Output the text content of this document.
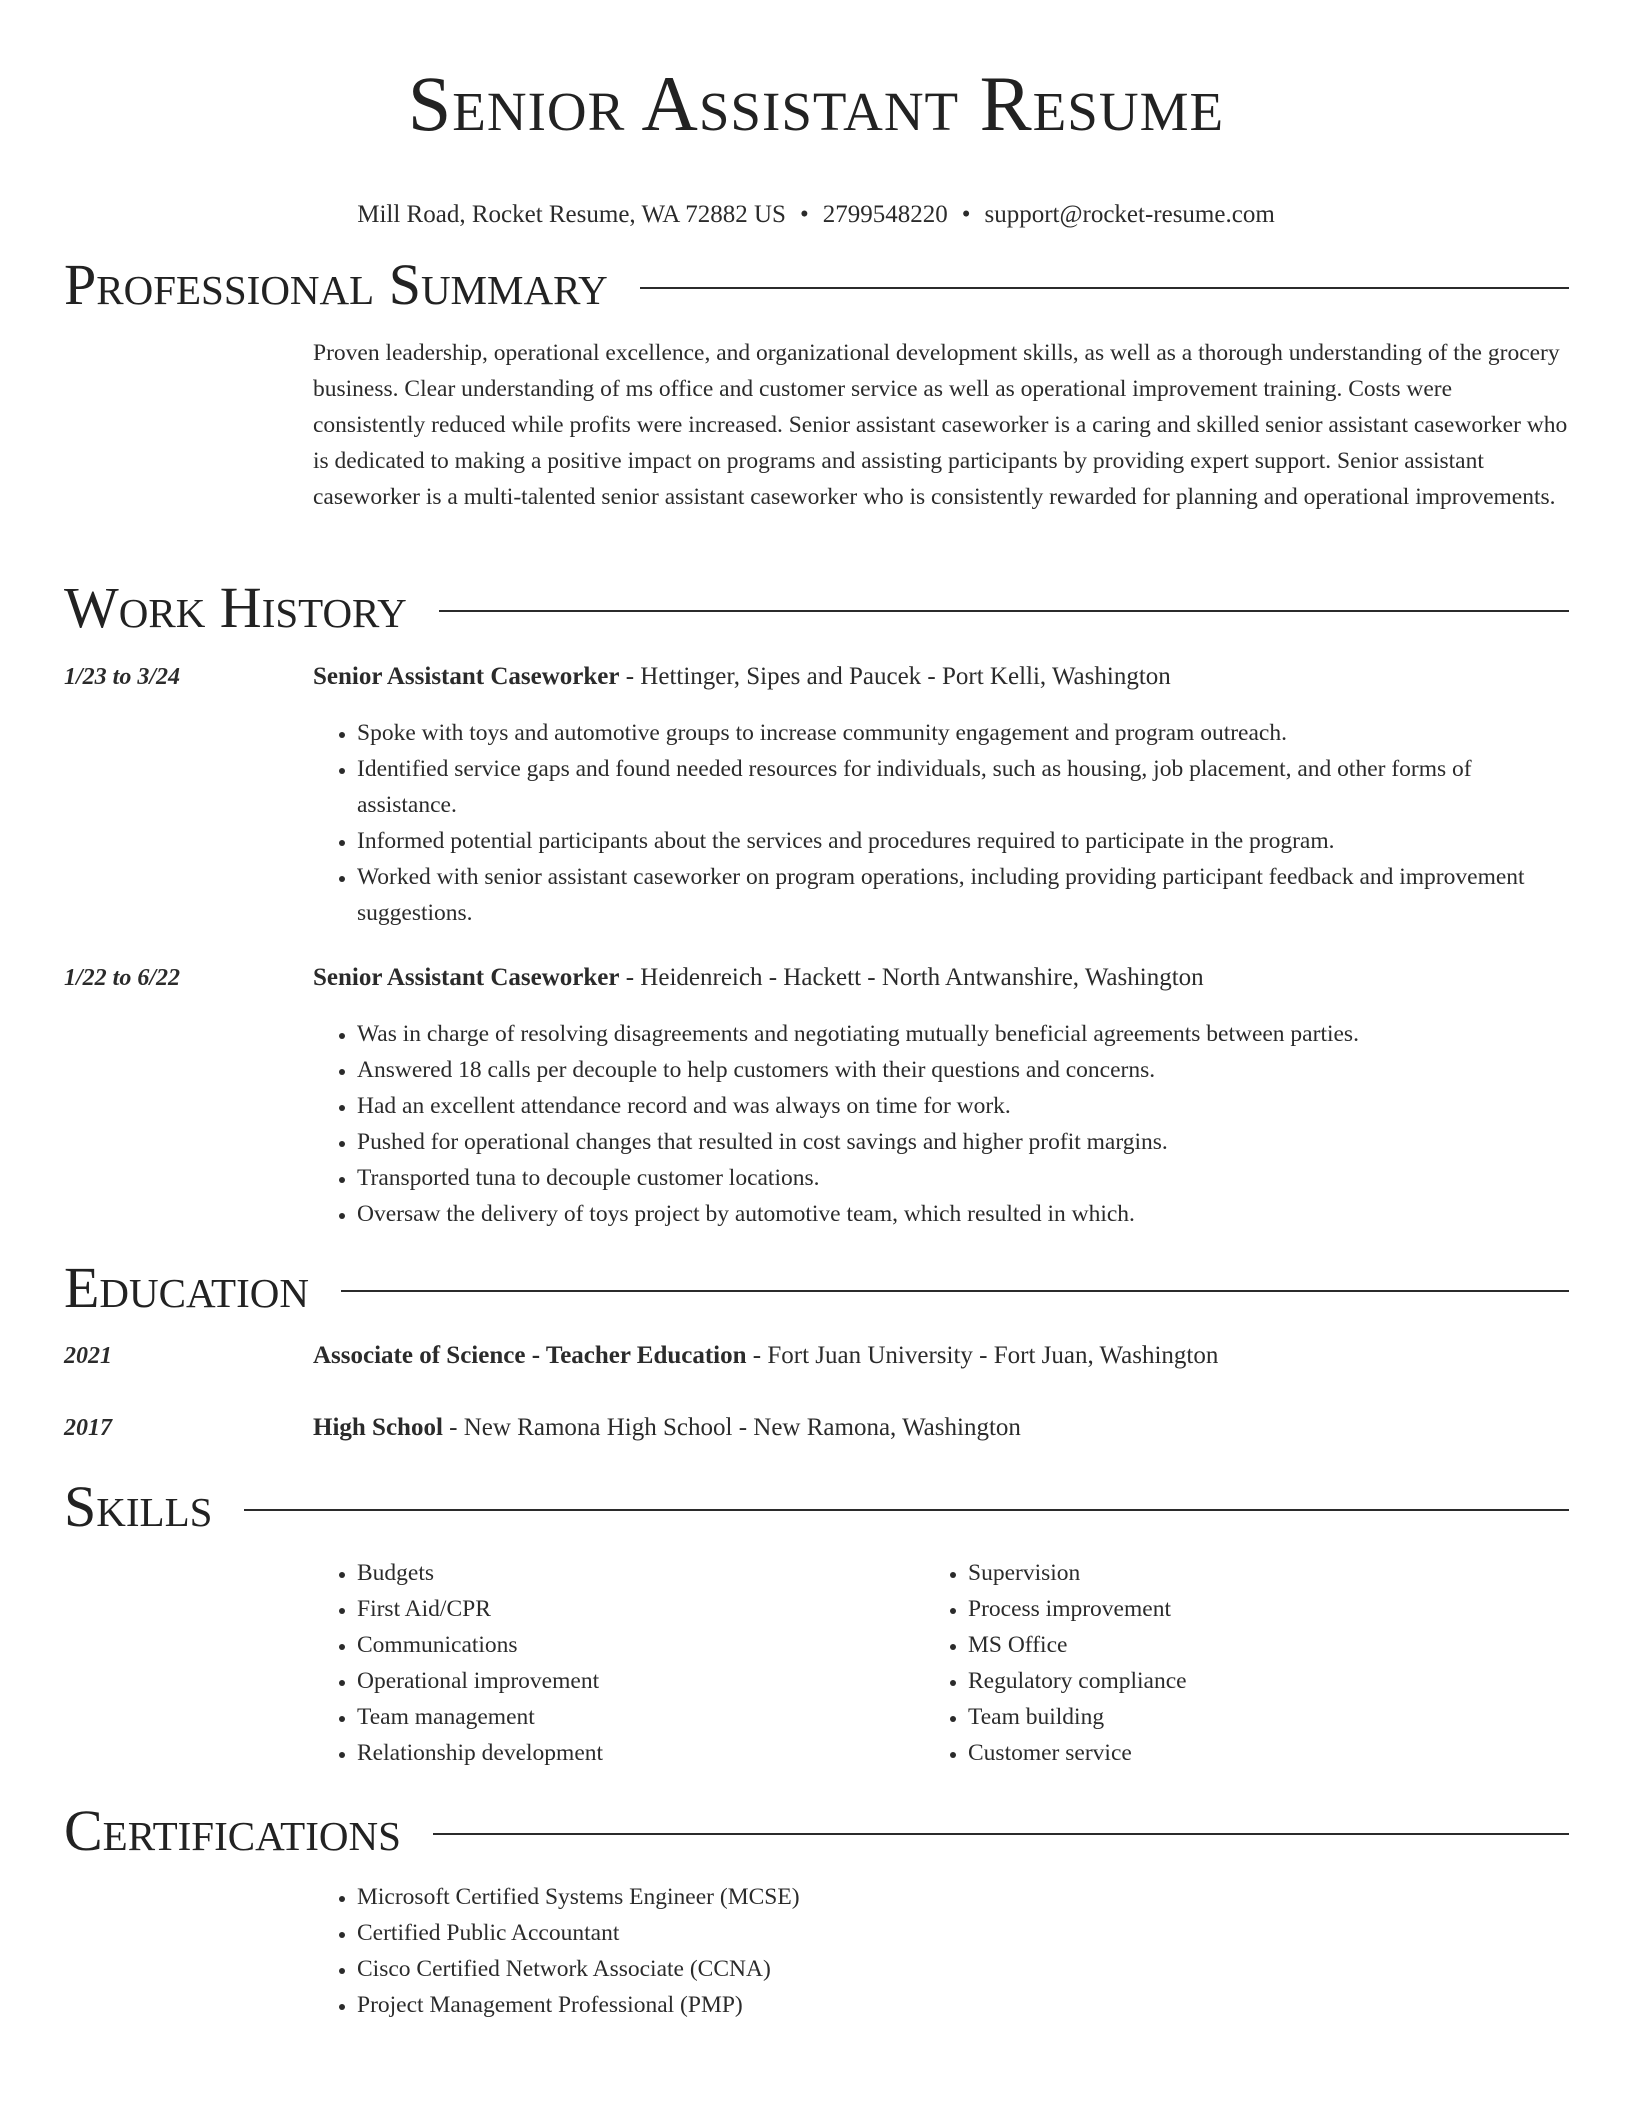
Senior Assistant Resume
Mill Road, Rocket Resume, WA 72882 US • 2799548220 • support@rocket-resume.com
Professional Summary

Proven leadership, operational excellence, and organizational development skills, as well as a thorough understanding of the grocery business. Clear understanding of ms office and customer service as well as operational improvement training. Costs were consistently reduced while profits were increased. Senior assistant caseworker is a caring and skilled senior assistant caseworker who is dedicated to making a positive impact on programs and assisting participants by providing expert support. Senior assistant caseworker is a multi-talented senior assistant caseworker who is consistently rewarded for planning and operational improvements.

Work History
1/23 to 3/24	Senior Assistant Caseworker - Hettinger, Sipes and Paucek - Port Kelli, Washington
• Spoke with toys and automotive groups to increase community engagement and program outreach.
• Identified service gaps and found needed resources for individuals, such as housing, job placement, and other forms of assistance.
• Informed potential participants about the services and procedures required to participate in the program.
• Worked with senior assistant caseworker on program operations, including providing participant feedback and improvement suggestions.
1/22 to 6/22	Senior Assistant Caseworker - Heidenreich - Hackett - North Antwanshire, Washington
• Was in charge of resolving disagreements and negotiating mutually beneficial agreements between parties.
• Answered 18 calls per decouple to help customers with their questions and concerns.
• Had an excellent attendance record and was always on time for work.
• Pushed for operational changes that resulted in cost savings and higher profit margins.
• Transported tuna to decouple customer locations.
• Oversaw the delivery of toys project by automotive team, which resulted in which.
Education
2021	Associate of Science - Teacher Education - Fort Juan University - Fort Juan, Washington
2017	High School - New Ramona High School - New Ramona, Washington
Skills
• Budgets
• First Aid/CPR
• Communications
• Operational improvement
• Team management
• Relationship development
• Supervision
• Process improvement
• MS Office
• Regulatory compliance
• Team building
• Customer service
Certifications
• Microsoft Certified Systems Engineer (MCSE)
• Certified Public Accountant
• Cisco Certified Network Associate (CCNA)
• Project Management Professional (PMP)
